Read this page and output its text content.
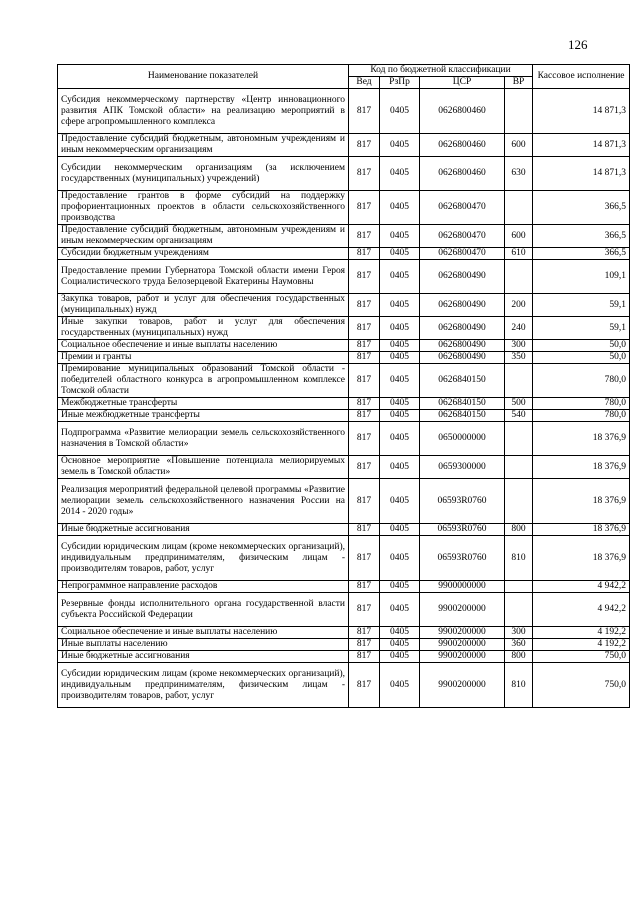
126
Наименование показателей	Код по бюджетной классификации				Кассовое исполнение
	Вед	РзПр	ЦСР	ВР	
Субсидия некоммерческому партнерству «Центр инновационного развития АПК Томской области» на реализацию мероприятий в сфере агропромышленного комплекса	817	0405	0626800460		14 871,3
Предоставление субсидий бюджетным, автономным учреждениям и иным некоммерческим организациям	817	0405	0626800460	600	14 871,3
Субсидии некоммерческим организациям (за исключением государственных (муниципальных) учреждений)	817	0405	0626800460	630	14 871,3
Предоставление грантов в форме субсидий на поддержку профориентационных проектов в области сельскохозяйственного производства	817	0405	0626800470		366,5
Предоставление субсидий бюджетным, автономным учреждениям и иным некоммерческим организациям	817	0405	0626800470	600	366,5
Субсидии бюджетным учреждениям	817	0405	0626800470	610	366,5
Предоставление премии Губернатора Томской области имени Героя Социалистического труда Белозерцевой Екатерины Наумовны	817	0405	0626800490		109,1
Закупка товаров, работ и услуг для обеспечения государственных (муниципальных) нужд	817	0405	0626800490	200	59,1
Иные закупки товаров, работ и услуг для обеспечения государственных (муниципальных) нужд	817	0405	0626800490	240	59,1
Социальное обеспечение и иные выплаты населению	817	0405	0626800490	300	50,0
Премии и гранты	817	0405	0626800490	350	50,0
Премирование муниципальных образований Томской области - победителей областного конкурса в агропромышленном комплексе Томской области	817	0405	0626840150		780,0
Межбюджетные трансферты	817	0405	0626840150	500	780,0
Иные межбюджетные трансферты	817	0405	0626840150	540	780,0
Подпрограмма «Развитие мелиорации земель сельскохозяйственного назначения в Томской области»	817	0405	0650000000		18 376,9
Основное мероприятие «Повышение потенциала мелиорируемых земель в Томской области»	817	0405	0659300000		18 376,9
Реализация мероприятий федеральной целевой программы «Развитие мелиорации земель сельскохозяйственного назначения России на 2014 - 2020 годы»	817	0405	06593R0760		18 376,9
Иные бюджетные ассигнования	817	0405	06593R0760	800	18 376,9
Субсидии юридическим лицам (кроме некоммерческих организаций), индивидуальным предпринимателям, физическим лицам - производителям товаров, работ, услуг	817	0405	06593R0760	810	18 376,9
Непрограммное направление расходов	817	0405	9900000000		4 942,2
Резервные фонды исполнительного органа государственной власти субъекта Российской Федерации	817	0405	9900200000		4 942,2
Социальное обеспечение и иные выплаты населению	817	0405	9900200000	300	4 192,2
Иные выплаты населению	817	0405	9900200000	360	4 192,2
Иные бюджетные ассигнования	817	0405	9900200000	800	750,0
Субсидии юридическим лицам (кроме некоммерческих организаций), индивидуальным предпринимателям, физическим лицам - производителям товаров, работ, услуг	817	0405	9900200000	810	750,0
